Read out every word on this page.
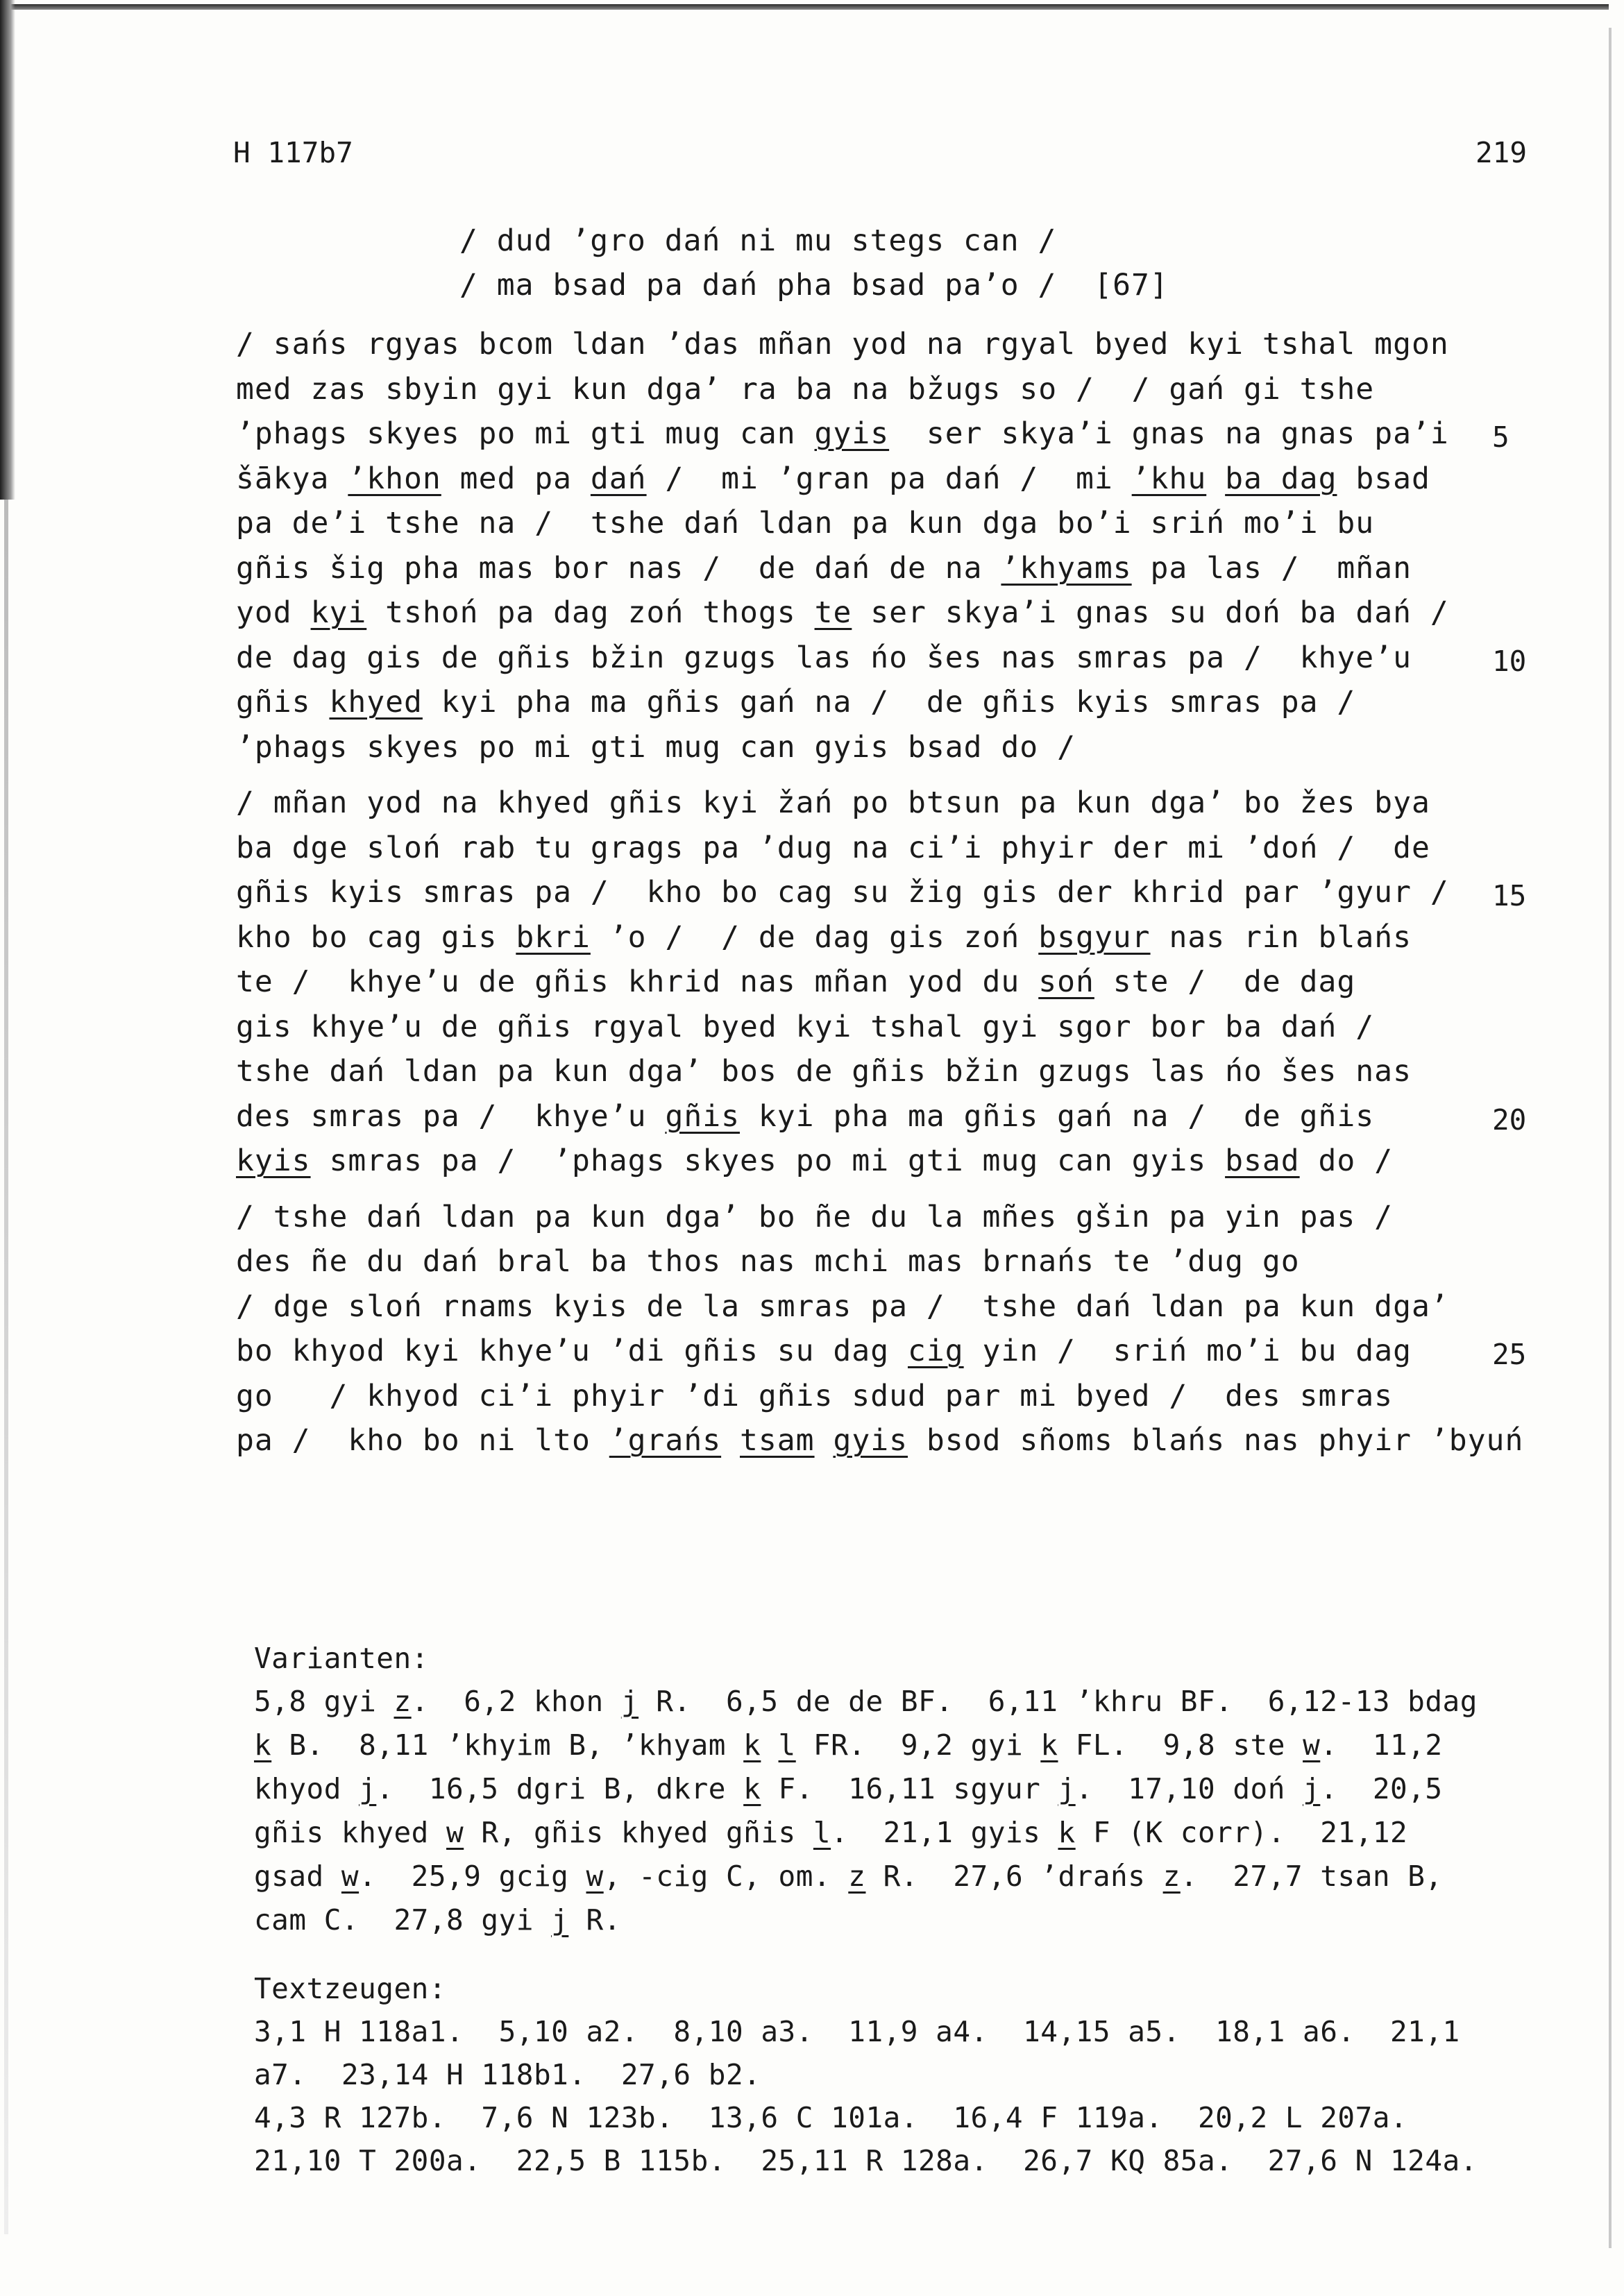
H 117b7	219
/ dud ’gro dań ni mu stegs can /
/ ma bsad pa dań pha bsad pa’o /  [67]
/ sańs rgyas bcom ldan ’das mñan yod na rgyal byed kyi tshal mgon
med zas sbyin gyi kun dga’ ra ba na bžugs so /  / gań gi tshe
’phags skyes po mi gti mug can gyis  ser skya’i gnas na gnas pa’i
šākya ’khon med pa dań /  mi ’gran pa dań /  mi ’khu ba dag bsad
pa de’i tshe na /  tshe dań ldan pa kun dga bo’i sriń mo’i bu
gñis šig pha mas bor nas /  de dań de na ’khyams pa las /  mñan
yod kyi tshoń pa dag zoń thogs te ser skya’i gnas su doń ba dań /
de dag gis de gñis bžin gzugs las ńo šes nas smras pa /  khye’u
gñis khyed kyi pha ma gñis gań na /  de gñis kyis smras pa /
’phags skyes po mi gti mug can gyis bsad do /
/ mñan yod na khyed gñis kyi žań po btsun pa kun dga’ bo žes bya
ba dge sloń rab tu grags pa ’dug na ci’i phyir der mi ’doń /  de
gñis kyis smras pa /  kho bo cag su žig gis der khrid par ’gyur /
kho bo cag gis bkri ’o /  / de dag gis zoń bsgyur nas rin blańs
te /  khye’u de gñis khrid nas mñan yod du soń ste /  de dag
gis khye’u de gñis rgyal byed kyi tshal gyi sgor bor ba dań /
tshe dań ldan pa kun dga’ bos de gñis bžin gzugs las ńo šes nas
des smras pa /  khye’u gñis kyi pha ma gñis gań na /  de gñis
kyis smras pa /  ’phags skyes po mi gti mug can gyis bsad do /
/ tshe dań ldan pa kun dga’ bo ñe du la mñes gšin pa yin pas /
des ñe du dań bral ba thos nas mchi mas brnańs te ’dug go
/ dge sloń rnams kyis de la smras pa /  tshe dań ldan pa kun dga’
bo khyod kyi khye’u ’di gñis su dag cig yin /  sriń mo’i bu dag
go   / khyod ci’i phyir ’di gñis sdud par mi byed /  des smras
pa /  kho bo ni lto ’grańs tsam gyis bsod sñoms blańs nas phyir ’byuń
5
10
15
20
25
Varianten:
5,8 gyi z.  6,2 khon j R.  6,5 de de BF.  6,11 ’khru BF.  6,12-13 bdag
k B.  8,11 ’khyim B, ’khyam k l FR.  9,2 gyi k FL.  9,8 ste w.  11,2
khyod j.  16,5 dgri B, dkre k F.  16,11 sgyur j.  17,10 doń j.  20,5
gñis khyed w R, gñis khyed gñis l.  21,1 gyis k F (K corr).  21,12
gsad w.  25,9 gcig w, -cig C, om. z R.  27,6 ’drańs z.  27,7 tsan B,
cam C.  27,8 gyi j R.
Textzeugen:
3,1 H 118a1.  5,10 a2.  8,10 a3.  11,9 a4.  14,15 a5.  18,1 a6.  21,1
a7.  23,14 H 118b1.  27,6 b2.
4,3 R 127b.  7,6 N 123b.  13,6 C 101a.  16,4 F 119a.  20,2 L 207a.
21,10 T 200a.  22,5 B 115b.  25,11 R 128a.  26,7 KQ 85a.  27,6 N 124a.
